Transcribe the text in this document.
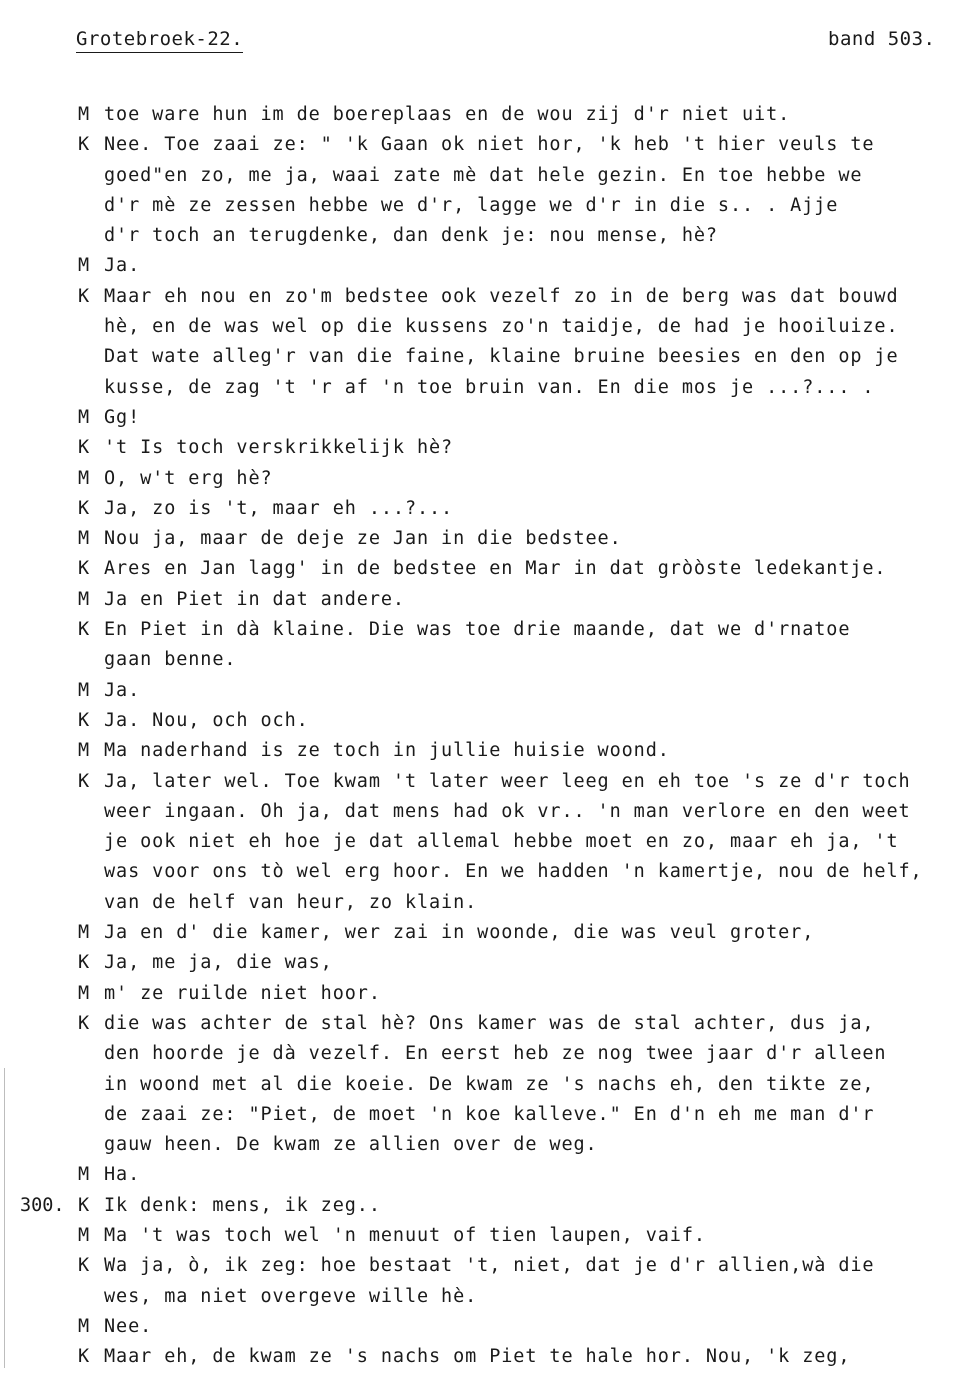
Grotebroek-22.	band 503.
M toe ware hun im de boereplaas en de wou zij d'r niet uit.
K Nee. Toe zaai ze: " 'k Gaan ok niet hor, 'k heb 't hier veuls te
goed"en zo, me ja, waai zate mè dat hele gezin. En toe hebbe we
d'r mè ze zessen hebbe we d'r, lagge we d'r in die s.. . Ajje
d'r toch an terugdenke, dan denk je: nou mense, hè?
M Ja.
K Maar eh nou en zo'm bedstee ook vezelf zo in de berg was dat bouwd
hè, en de was wel op die kussens zo'n taidje, de had je hooiluize.
Dat wate alleg'r van die faine, klaine bruine beesies en den op je
kusse, de zag 't 'r af 'n toe bruin van. En die mos je ...?... .
M Gg!
K 't Is toch verskrikkelijk hè?
M O, w't erg hè?
K Ja, zo is 't, maar eh ...?...
M Nou ja, maar de deje ze Jan in die bedstee.
K Ares en Jan lagg' in de bedstee en Mar in dat gròòste ledekantje.
M Ja en Piet in dat andere.
K En Piet in dà klaine. Die was toe drie maande, dat we d'rnatoe
gaan benne.
M Ja.
K Ja. Nou, och och.
M Ma naderhand is ze toch in jullie huisie woond.
K Ja, later wel. Toe kwam 't later weer leeg en eh toe 's ze d'r toch
weer ingaan. Oh ja, dat mens had ok vr.. 'n man verlore en den weet
je ook niet eh hoe je dat allemal hebbe moet en zo, maar eh ja, 't
was voor ons tò wel erg hoor. En we hadden 'n kamertje, nou de helf,
van de helf van heur, zo klain.
M Ja en d' die kamer, wer zai in woonde, die was veul groter,
K Ja, me ja, die was,
M m' ze ruilde niet hoor.
K die was achter de stal hè? Ons kamer was de stal achter, dus ja,
den hoorde je dà vezelf. En eerst heb ze nog twee jaar d'r alleen
in woond met al die koeie. De kwam ze 's nachs eh, den tikte ze,
de zaai ze: "Piet, de moet 'n koe kalleve." En d'n eh me man d'r
gauw heen. De kwam ze allien over de weg.
M Ha.
300. K Ik denk: mens, ik zeg..
M Ma 't was toch wel 'n menuut of tien laupen, vaif.
K Wa ja, ò, ik zeg: hoe bestaat 't, niet, dat je d'r allien,wà die
wes, ma niet overgeve wille hè.
M Nee.
K Maar eh, de kwam ze 's nachs om Piet te hale hor. Nou, 'k zeg,
